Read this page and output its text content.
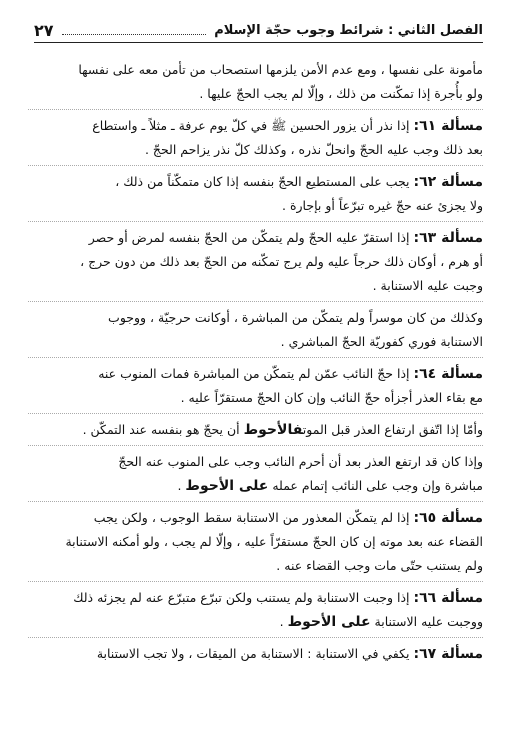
الفصل الثاني : شرائط وجوب حجّة الإسلام
٢٧

مأمونة على نفسها ، ومع عدم الأمن يلزمها استصحاب من تأمن معه على نفسها
ولو بأُجرة إذا تمكّنت من ذلك ، وإلّا لم يجب الحجّ عليها .

مسألة ٦١: إذا نذر أن يزور الحسين ﷺ في كلّ يوم عرفة ـ مثلاً ـ واستطاع
بعد ذلك وجب عليه الحجّ وانحلّ نذره ، وكذلك كلّ نذر يزاحم الحجّ .

مسألة ٦٢: يجب على المستطيع الحجّ بنفسه إذا كان متمكّناً من ذلك ،
ولا يجزئ عنه حجّ غيره تبرّعاً أو بإجارة .

مسألة ٦٣: إذا استقرّ عليه الحجّ ولم يتمكّن من الحجّ بنفسه لمرض أو حصر
أو هرم ، أوكان ذلك حرجاً عليه ولم يرج تمكّنه من الحجّ بعد ذلك من دون حرج ،
وجبت عليه الاستنابة .

وكذلك من كان موسراً ولم يتمكّن من المباشرة ، أوكانت حرجيّة ، ووجوب
الاستنابة فوري كفوريّة الحجّ المباشري .

مسألة ٦٤: إذا حجّ النائب عمّن لم يتمكّن من المباشرة فمات المنوب عنه
مع بقاء العذر أجزأه حجّ النائب وإن كان الحجّ مستقرّاً عليه .

وأمّا إذا اتّفق ارتفاع العذر قبل الموتفالأحوط أن يحجّ هو بنفسه عند التمكّن .

وإذا كان قد ارتفع العذر بعد أن أحرم النائب وجب على المنوب عنه الحجّ
مباشرة وإن وجب على النائب إتمام عمله على الأحوط .

مسألة ٦٥: إذا لم يتمكّن المعذور من الاستنابة سقط الوجوب ، ولكن يجب
القضاء عنه بعد موته إن كان الحجّ مستقرّاً عليه ، وإلّا لم يجب ، ولو أمكنه الاستنابة
ولم يستنب حتّى مات وجب القضاء عنه .

مسألة ٦٦: إذا وجبت الاستنابة ولم يستنب ولكن تبرّع متبرّع عنه لم يجزئه ذلك
ووجبت عليه الاستنابة على الأحوط .

مسألة ٦٧: يكفي في الاستنابة : الاستنابة من الميقات ، ولا تجب الاستنابة
